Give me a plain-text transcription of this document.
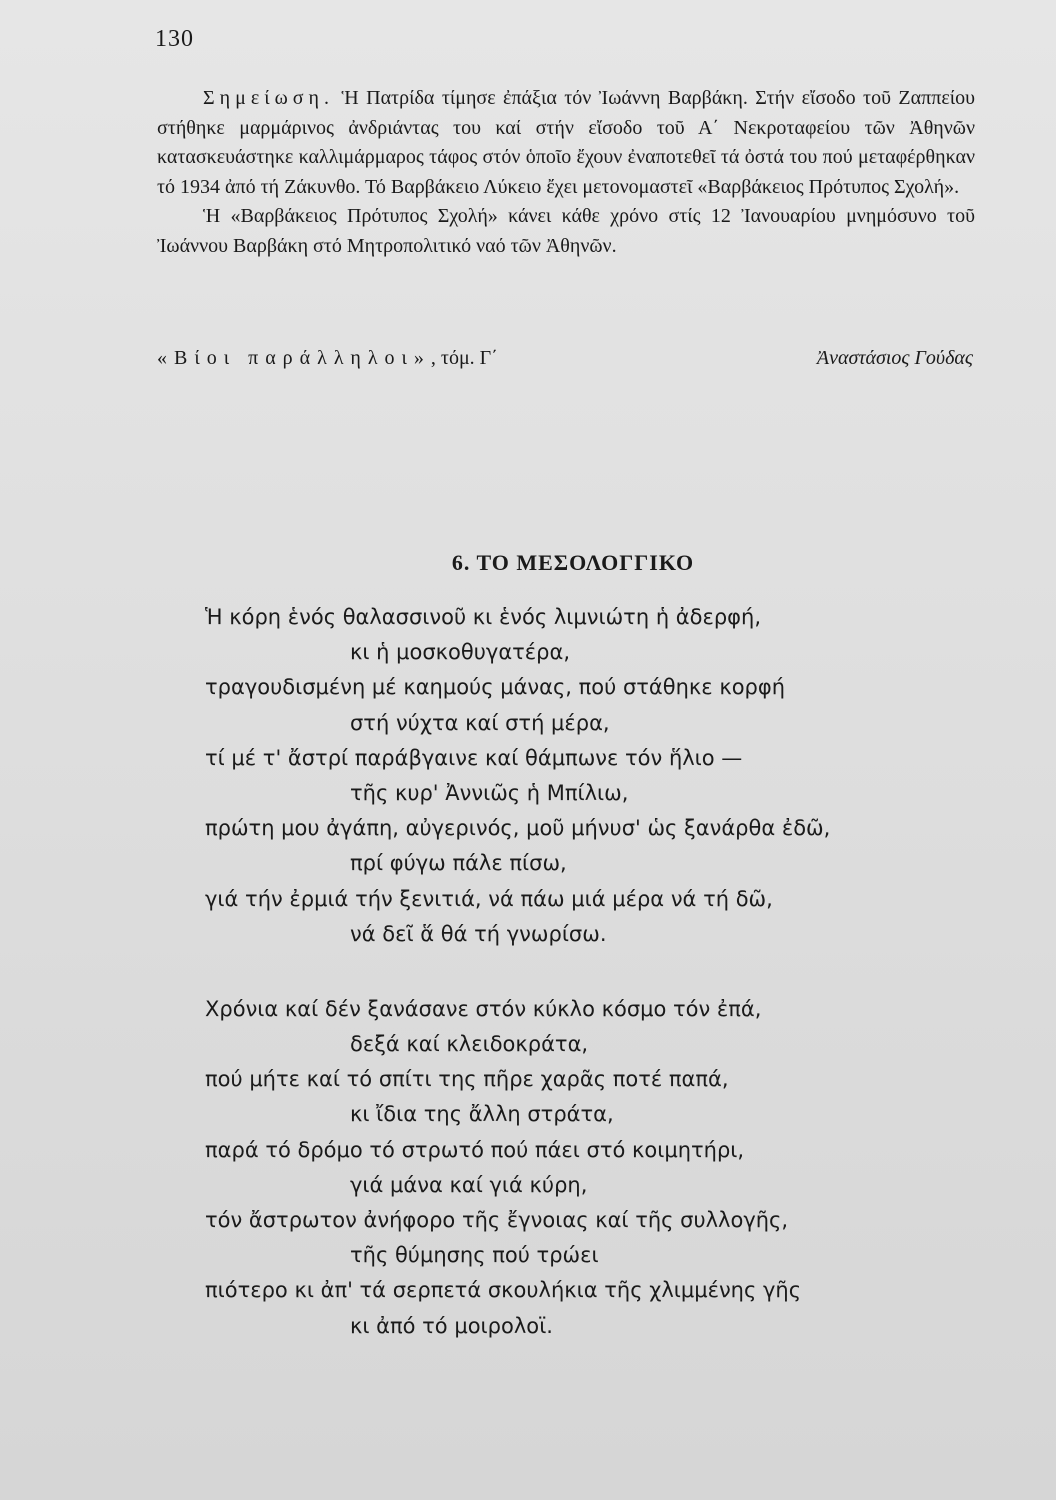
130

Σημείωση. Ἡ Πατρίδα τίμησε ἐπάξια τόν Ἰωάννη Βαρβάκη. Στήν εἴσοδο τοῦ Ζαππείου στήθηκε μαρμάρινος ἀνδριάντας του καί στήν εἴσοδο τοῦ Α΄ Νεκροταφείου τῶν Ἀθηνῶν κατασκευάστηκε καλλιμάρμαρος τάφος στόν ὁποῖο ἔχουν ἐναποτεθεῖ τά ὀστά του πού μεταφέρθηκαν τό 1934 ἀπό τή Ζάκυνθο. Τό Βαρβάκειο Λύκειο ἔχει μετονομαστεῖ «Βαρβάκειος Πρότυπος Σχολή».

Ἡ «Βαρβάκειος Πρότυπος Σχολή» κάνει κάθε χρόνο στίς 12 Ἰανουαρίου μνημόσυνο τοῦ Ἰωάννου Βαρβάκη στό Μητροπολιτικό ναό τῶν Ἀθηνῶν.

«Βίοι παράλληλοι», τόμ. Γ΄	Ἀναστάσιος Γούδας
6. ΤΟ ΜΕΣΟΛΟΓΓΙΚΟ
Ἡ κόρη ἑνός θαλασσινοῦ κι ἑνός λιμνιώτη ἡ ἀδερφή,
κι ἡ μοσκοθυγατέρα,
τραγουδισμένη μέ καημούς μάνας, πού στάθηκε κορφή
στή νύχτα καί στή μέρα,
τί μέ τ' ἄστρί παράβγαινε καί θάμπωνε τόν ἥλιο —
τῆς κυρ' Ἀννιῶς ἡ Μπίλιω,
πρώτη μου ἀγάπη, αὐγερινός, μοῦ μήνυσ' ὡς ξανάρθα ἐδῶ,
πρί φύγω πάλε πίσω,
γιά τήν ἐρμιά τήν ξενιτιά, νά πάω μιά μέρα νά τή δῶ,
νά δεῖ ἅ θά τή γνωρίσω.
Χρόνια καί δέν ξανάσανε στόν κύκλο κόσμο τόν ἐπά,
δεξά καί κλειδοκράτα,
πού μήτε καί τό σπίτι της πῆρε χαρᾶς ποτέ παπά,
κι ἴδια της ἄλλη στράτα,
παρά τό δρόμο τό στρωτό πού πάει στό κοιμητήρι,
γιά μάνα καί γιά κύρη,
τόν ἄστρωτον ἀνήφορο τῆς ἔγνοιας καί τῆς συλλογῆς,
τῆς θύμησης πού τρώει
πιότερο κι ἀπ' τά σερπετά σκουλήκια τῆς χλιμμένης γῆς
κι ἀπό τό μοιρολοϊ.
